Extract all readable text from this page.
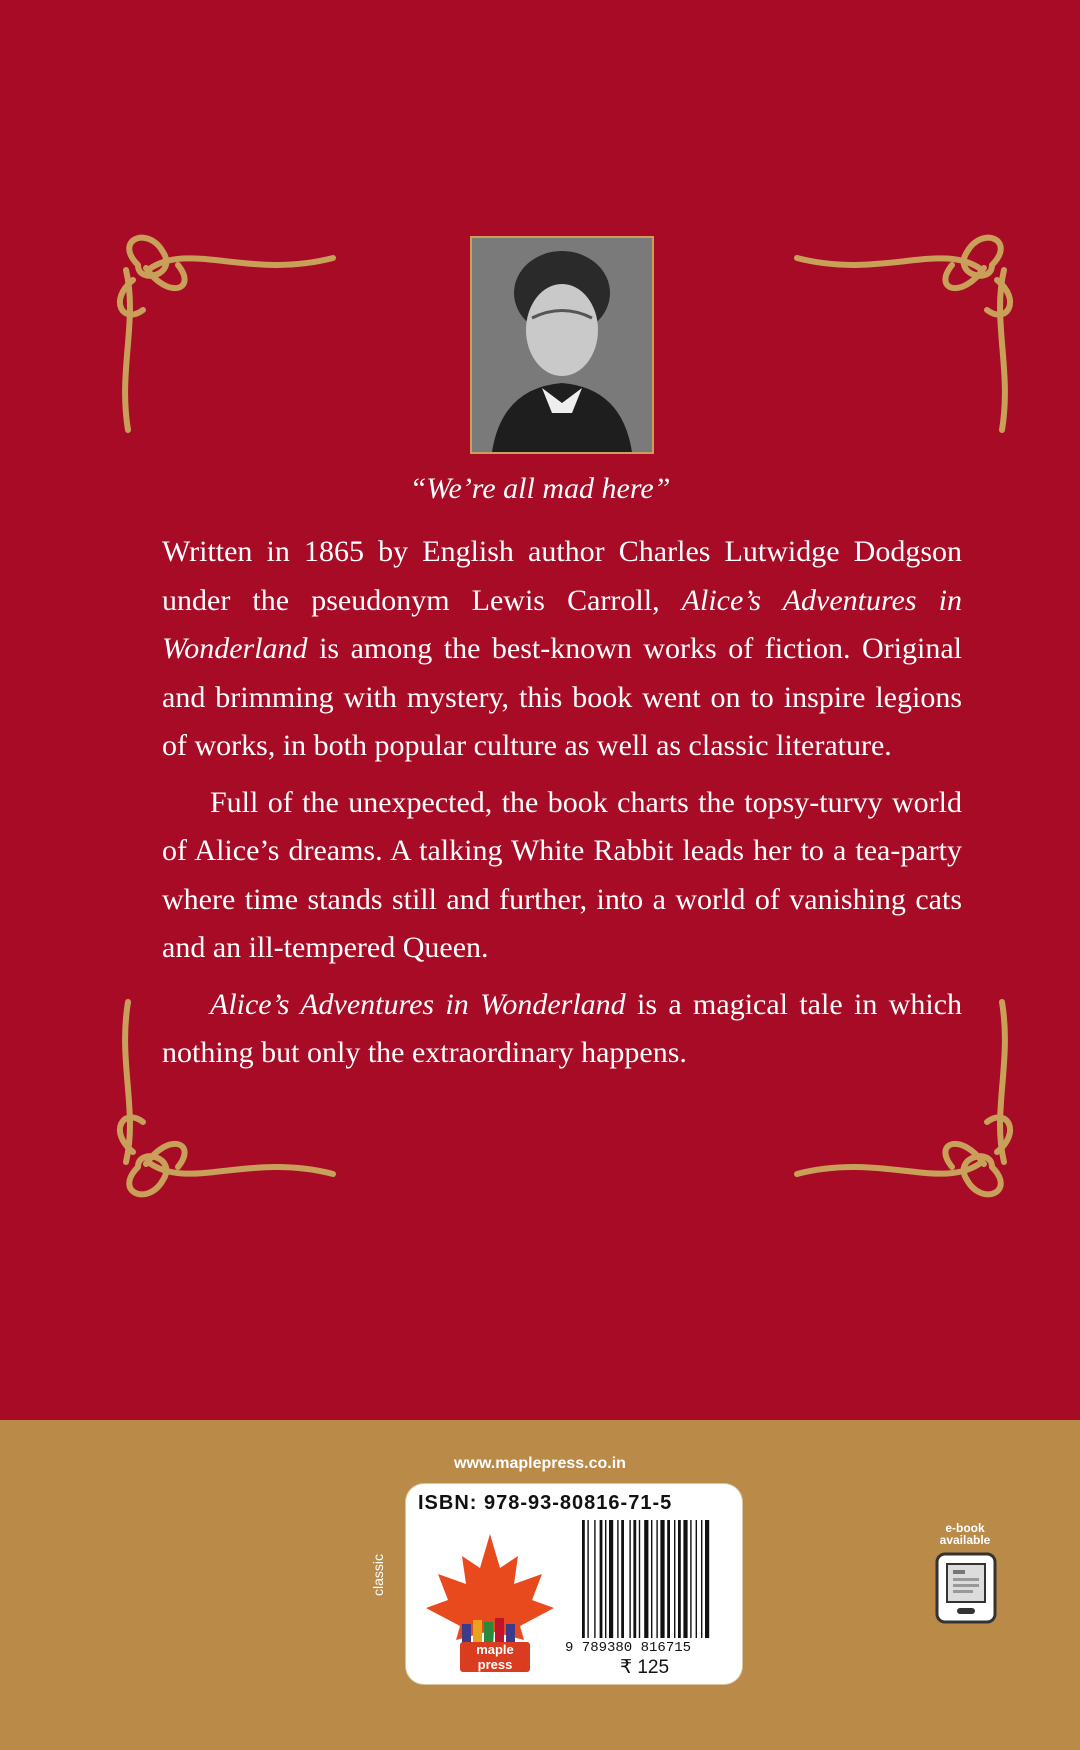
“We’re all mad here”

Written in 1865 by English author Charles Lutwidge Dodgson under the pseudonym Lewis Carroll, Alice’s Adventures in Wonderland is among the best-known works of fiction. Original and brimming with mystery, this book went on to inspire legions of works, in both popular culture as well as classic literature.

Full of the unexpected, the book charts the topsy-turvy world of Alice’s dreams. A talking White Rabbit leads her to a tea-party where time stands still and further, into a world of vanishing cats and an ill-tempered Queen.

Alice’s Adventures in Wonderland is a magical tale in which nothing but only the extraordinary happens.

www.maplepress.co.in
ISBN: 978-93-80816-71-5
9 789380 816715
₹ 125
maple press
classic
e-book available
